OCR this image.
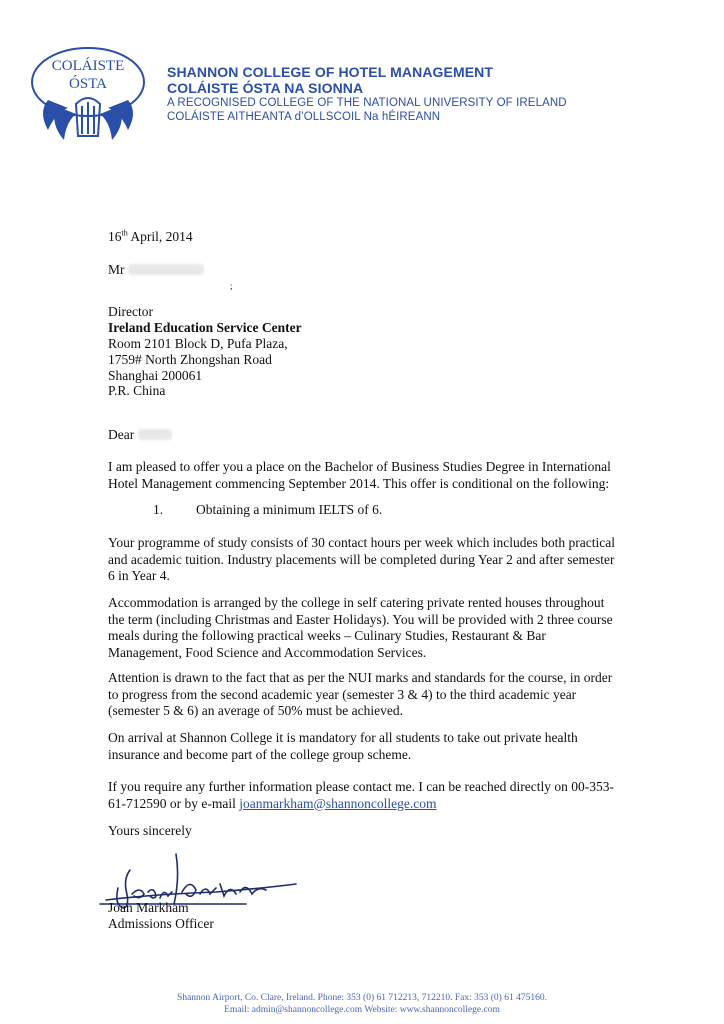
COLÁISTE
ÓSTA
SHANNON COLLEGE OF HOTEL MANAGEMENT
COLÁISTE ÓSTA NA SIONNA
A RECOGNISED COLLEGE OF THE NATIONAL UNIVERSITY OF IRELAND
COLÁISTE AITHEANTA d’OLLSCOIL Na hÉIREANN
16th April, 2014
Mr
;
Director
Ireland Education Service Center
Room 2101 Block D, Pufa Plaza,
1759# North Zhongshan Road
Shanghai 200061
P.R. China
Dear
I am pleased to offer you a place on the Bachelor of Business Studies Degree in International
Hotel Management commencing September 2014. This offer is conditional on the following:
1. Obtaining a minimum IELTS of 6.
Your programme of study consists of 30 contact hours per week which includes both practical
and academic tuition. Industry placements will be completed during Year 2 and after semester
6 in Year 4.
Accommodation is arranged by the college in self catering private rented houses throughout
the term (including Christmas and Easter Holidays). You will be provided with 2 three course
meals during the following practical weeks – Culinary Studies, Restaurant & Bar
Management, Food Science and Accommodation Services.
Attention is drawn to the fact that as per the NUI marks and standards for the course, in order
to progress from the second academic year (semester 3 & 4) to the third academic year
(semester 5 & 6) an average of 50% must be achieved.
On arrival at Shannon College it is mandatory for all students to take out private health
insurance and become part of the college group scheme.
If you require any further information please contact me. I can be reached directly on 00-353-
61-712590 or by e-mail joanmarkham@shannoncollege.com
Yours sincerely
Joan Markham
Admissions Officer
Shannon Airport, Co. Clare, Ireland. Phone: 353 (0) 61 712213, 712210. Fax: 353 (0) 61 475160.
Email: admin@shannoncollege.com Website: www.shannoncollege.com
